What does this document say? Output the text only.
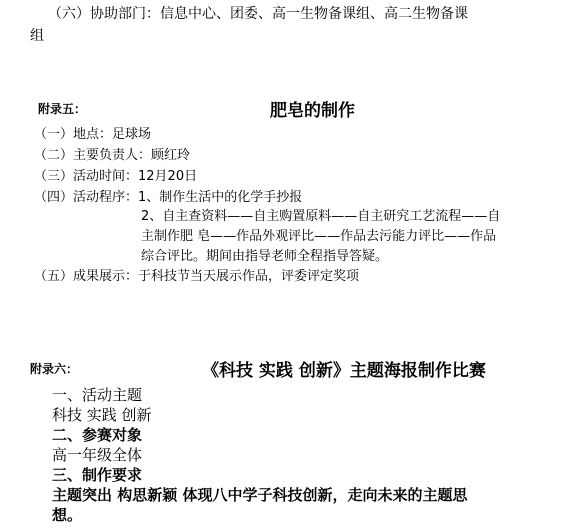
（六）协助部门：信息中心、团委、高一生物备课组、高二生物备课
组
附录五：	肥皂的制作
（一）地点：足球场
（二）主要负责人：顾红玲
（三）活动时间：12月20日
（四）活动程序：1、制作生活中的化学手抄报
2、自主查资料——自主购置原料——自主研究工艺流程——自
主制作肥 皂——作品外观评比——作品去污能力评比——作品
综合评比。期间由指导老师全程指导答疑。
（五）成果展示：于科技节当天展示作品，评委评定奖项
附录六：	《科技 实践 创新》主题海报制作比赛
一、活动主题
科技 实践 创新
二、参赛对象
高一年级全体
三、制作要求
主题突出 构思新颖 体现八中学子科技创新，走向未来的主题思
想。
